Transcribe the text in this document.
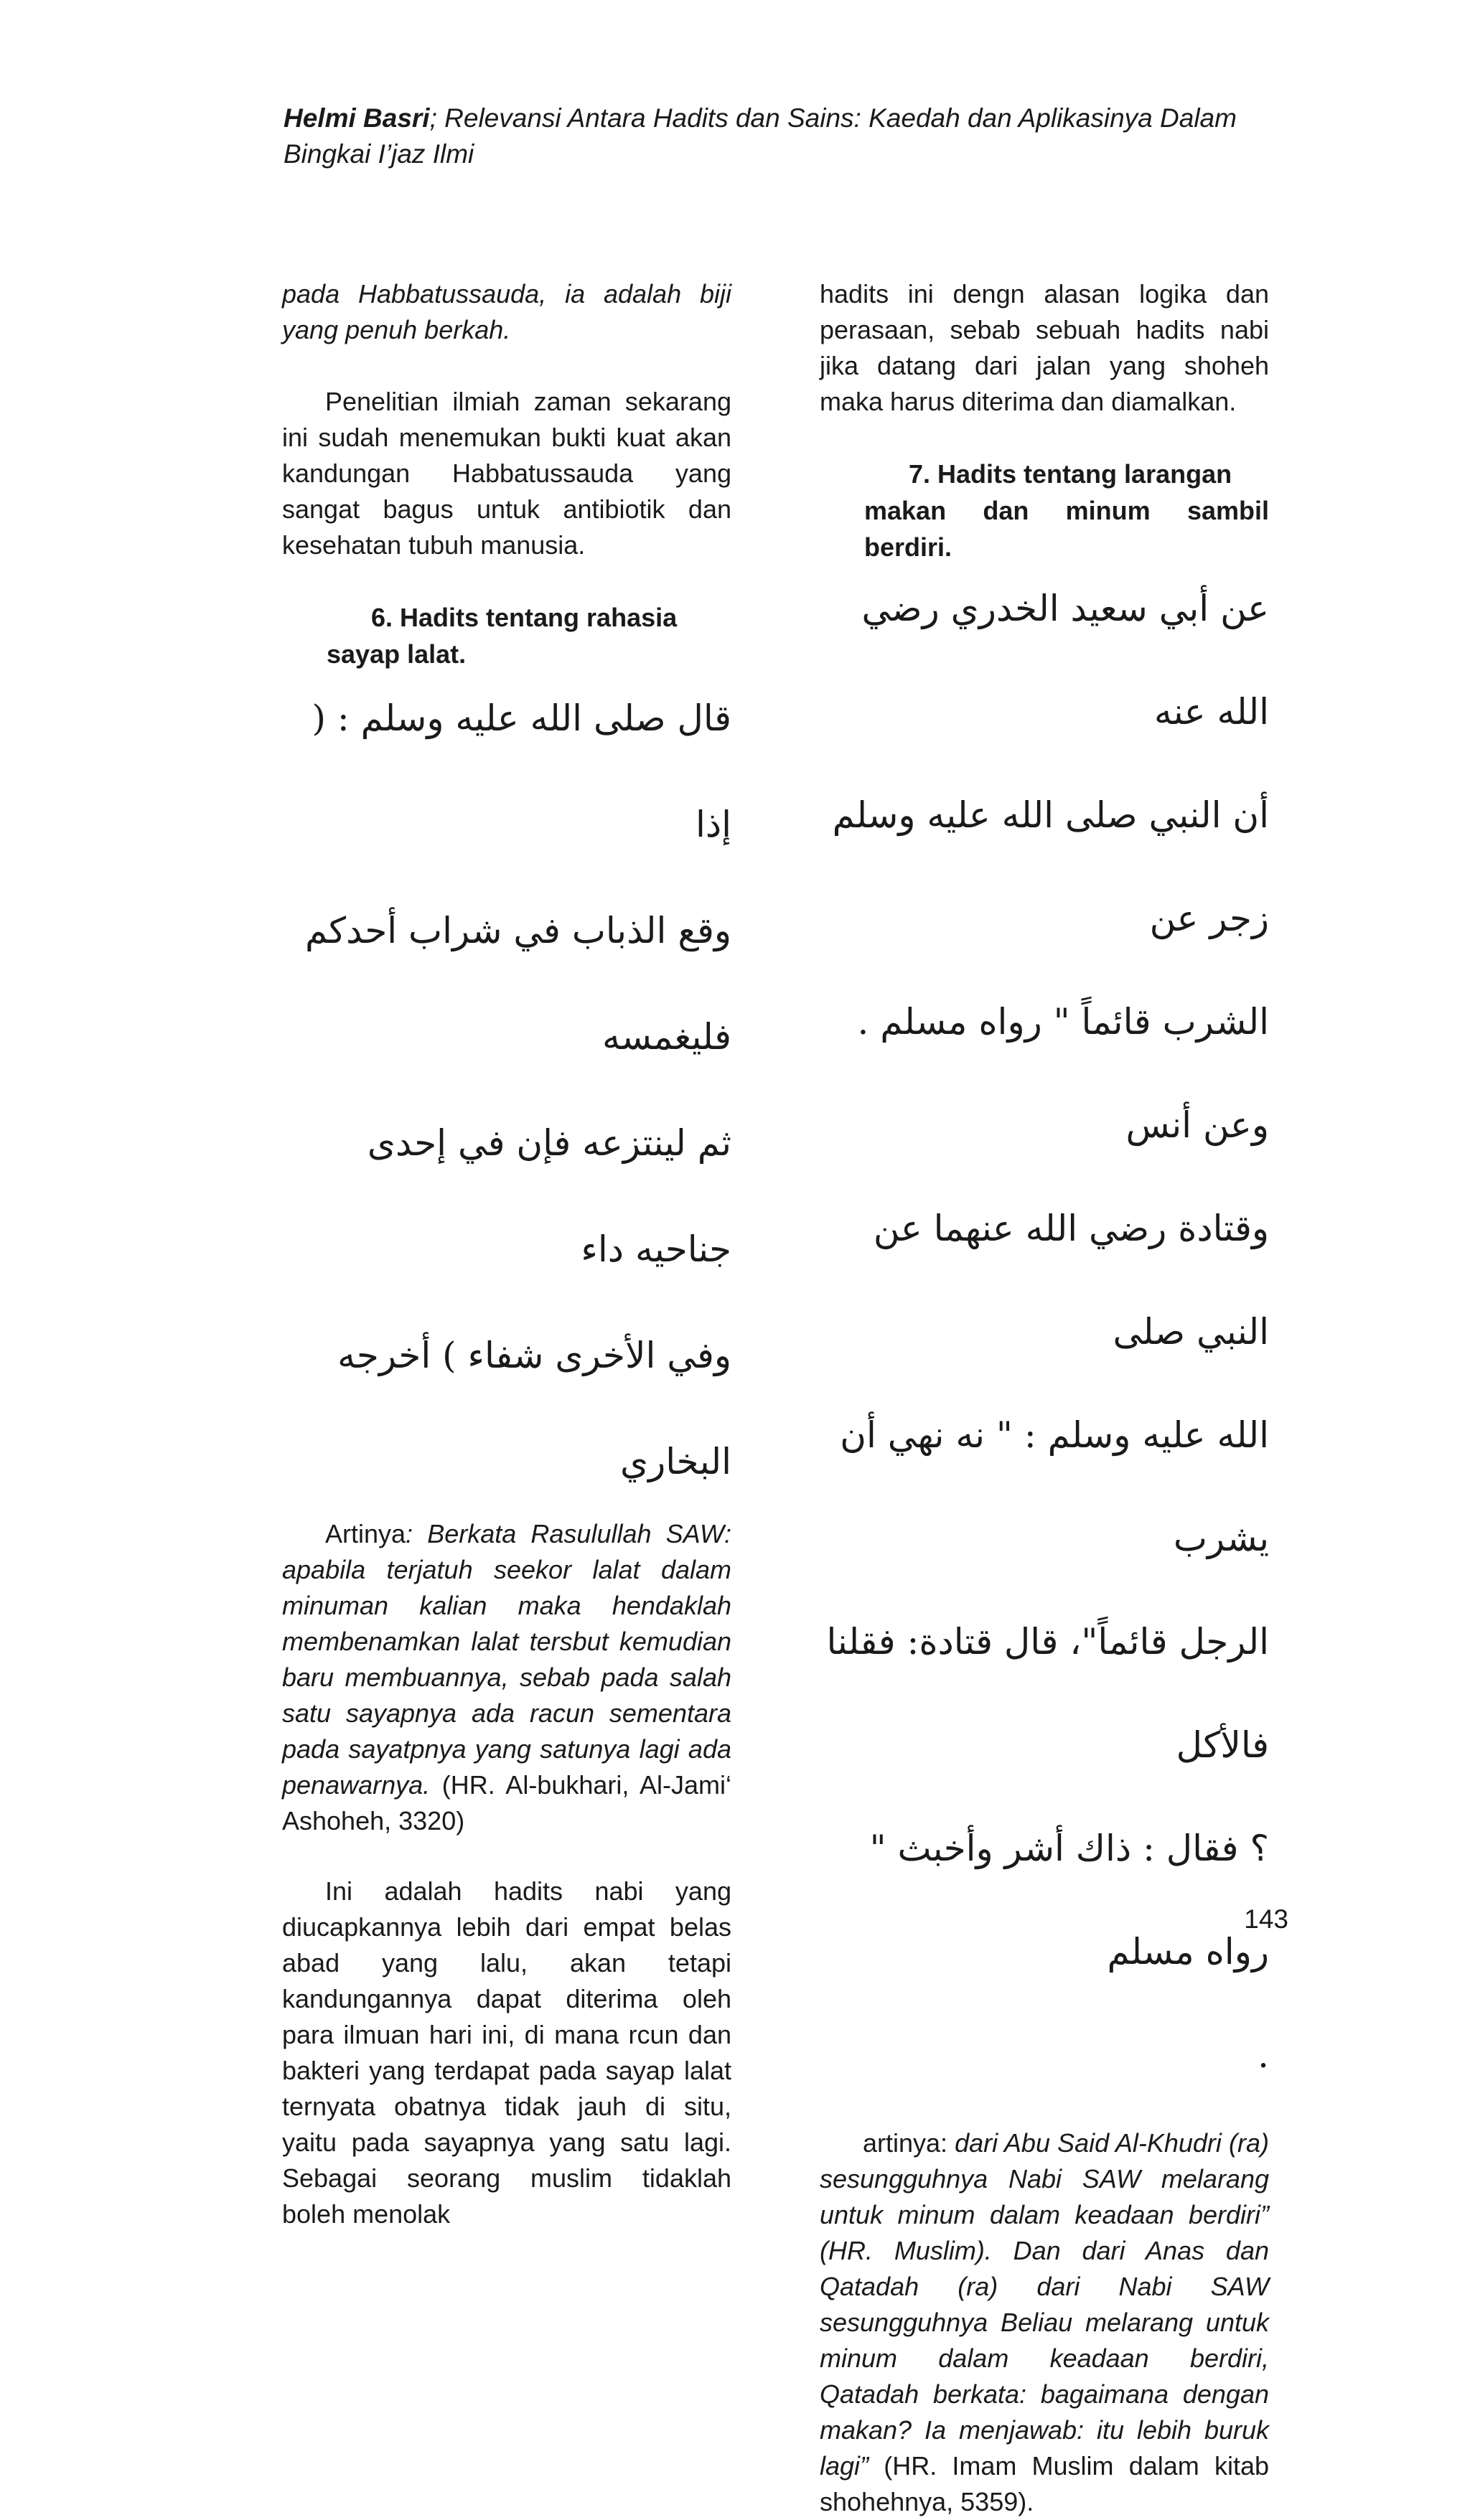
Helmi Basri; Relevansi Antara Hadits dan Sains: Kaedah dan Aplikasinya Dalam
Bingkai I’jaz Ilmi

pada Habbatussauda, ia adalah biji yang penuh berkah.

Penelitian ilmiah zaman sekarang ini sudah menemukan bukti kuat akan kandungan Habbatussauda yang sangat bagus untuk antibiotik dan kesehatan tubuh manusia.

6. Hadits tentang rahasia
sayap lalat.
قال صلى الله عليه وسلم : ( إذا
وقع الذباب في شراب أحدكم فليغمسه
ثم لينتزعه فإن في إحدى جناحيه داء
وفي الأخرى شفاء ) أخرجه البخاري

Artinya: Berkata Rasulullah SAW: apabila terjatuh seekor lalat dalam minuman kalian maka hendaklah membenamkan lalat tersbut kemudian baru membuannya, sebab pada salah satu sayapnya ada racun sementara pada sayatpnya yang satunya lagi ada penawarnya. (HR. Al-bukhari, Al-Jami‘ Ashoheh, 3320)

Ini adalah hadits nabi yang diucapkannya lebih dari empat belas abad yang lalu, akan tetapi kandungannya dapat diterima oleh para ilmuan hari ini, di mana rcun dan bakteri yang terdapat pada sayap lalat ternyata obatnya tidak jauh di situ, yaitu pada sayapnya yang satu lagi. Sebagai seorang muslim tidaklah boleh menolak

hadits ini dengn alasan logika dan perasaan, sebab sebuah hadits nabi jika datang dari jalan yang shoheh maka harus diterima dan diamalkan.

7. Hadits tentang larangan
makan dan minum sambil
berdiri.
عن أبي سعيد الخدري رضي الله عنه
أن النبي صلى الله عليه وسلم زجر عن
الشرب قائماً " رواه مسلم . وعن أنس
وقتادة رضي الله عنهما عن النبي صلى
الله عليه وسلم : " نه نهي أن يشرب
الرجل قائماً"، قال قتادة: فقلنا فالأكل
؟ فقال : ذاك أشر وأخبث " رواه مسلم
.

artinya: dari Abu Said Al-Khudri (ra) sesungguhnya Nabi SAW melarang untuk minum dalam keadaan berdiri” (HR. Muslim). Dan dari Anas dan Qatadah (ra) dari Nabi SAW sesungguhnya Beliau melarang untuk minum dalam keadaan berdiri, Qatadah berkata: bagaimana dengan makan? Ia menjawab: itu lebih buruk lagi” (HR. Imam Muslim dalam kitab shohehnya, 5359).

143
